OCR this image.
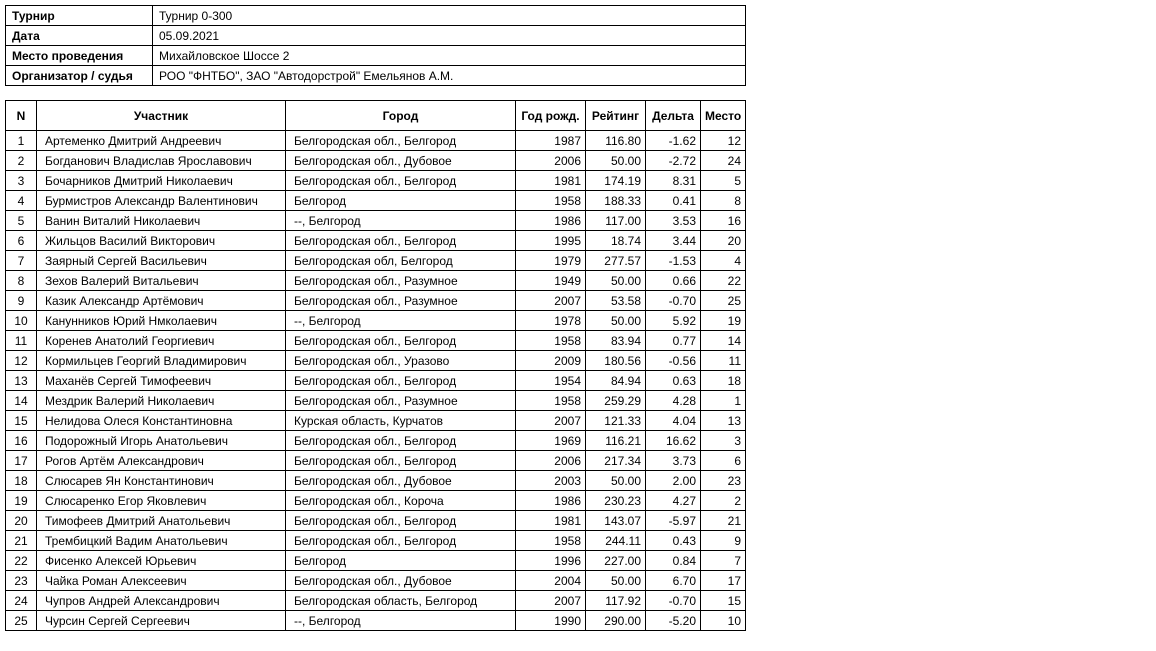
Турнир	Турнир 0-300
Дата	05.09.2021
Место проведения	Михайловское Шоссе 2
Организатор / судья	РОО "ФНТБО", ЗАО "Автодорстрой" Емельянов А.М.
N	Участник	Город	Год рожд.	Рейтинг	Дельта	Место
1	Артеменко Дмитрий Андреевич	Белгородская обл., Белгород	1987	116.80	-1.62	12
2	Богданович Владислав Ярославович	Белгородская обл., Дубовое	2006	50.00	-2.72	24
3	Бочарников Дмитрий Николаевич	Белгородская обл., Белгород	1981	174.19	8.31	5
4	Бурмистров Александр Валентинович	Белгород	1958	188.33	0.41	8
5	Ванин Виталий Николаевич	--, Белгород	1986	117.00	3.53	16
6	Жильцов Василий Викторович	Белгородская обл., Белгород	1995	18.74	3.44	20
7	Заярный Сергей Васильевич	Белгородская обл, Белгород	1979	277.57	-1.53	4
8	Зехов Валерий Витальевич	Белгородская обл., Разумное	1949	50.00	0.66	22
9	Казик Александр Артёмович	Белгородская обл., Разумное	2007	53.58	-0.70	25
10	Канунников Юрий Нмколаевич	--, Белгород	1978	50.00	5.92	19
11	Коренев Анатолий Георгиевич	Белгородская обл., Белгород	1958	83.94	0.77	14
12	Кормильцев Георгий Владимирович	Белгородская обл., Уразово	2009	180.56	-0.56	11
13	Маханёв Сергей Тимофеевич	Белгородская обл., Белгород	1954	84.94	0.63	18
14	Мездрик Валерий Николаевич	Белгородская обл., Разумное	1958	259.29	4.28	1
15	Нелидова Олеся Константиновна	Курская область, Курчатов	2007	121.33	4.04	13
16	Подорожный Игорь Анатольевич	Белгородская обл., Белгород	1969	116.21	16.62	3
17	Рогов Артём Александрович	Белгородская обл., Белгород	2006	217.34	3.73	6
18	Слюсарев Ян Константинович	Белгородская обл., Дубовое	2003	50.00	2.00	23
19	Слюсаренко Егор Яковлевич	Белгородская обл., Короча	1986	230.23	4.27	2
20	Тимофеев Дмитрий Анатольевич	Белгородская обл., Белгород	1981	143.07	-5.97	21
21	Трембицкий Вадим Анатольевич	Белгородская обл., Белгород	1958	244.11	0.43	9
22	Фисенко Алексей Юрьевич	Белгород	1996	227.00	0.84	7
23	Чайка Роман Алексеевич	Белгородская обл., Дубовое	2004	50.00	6.70	17
24	Чупров Андрей Александрович	Белгородская область, Белгород	2007	117.92	-0.70	15
25	Чурсин Сергей Сергеевич	--, Белгород	1990	290.00	-5.20	10
